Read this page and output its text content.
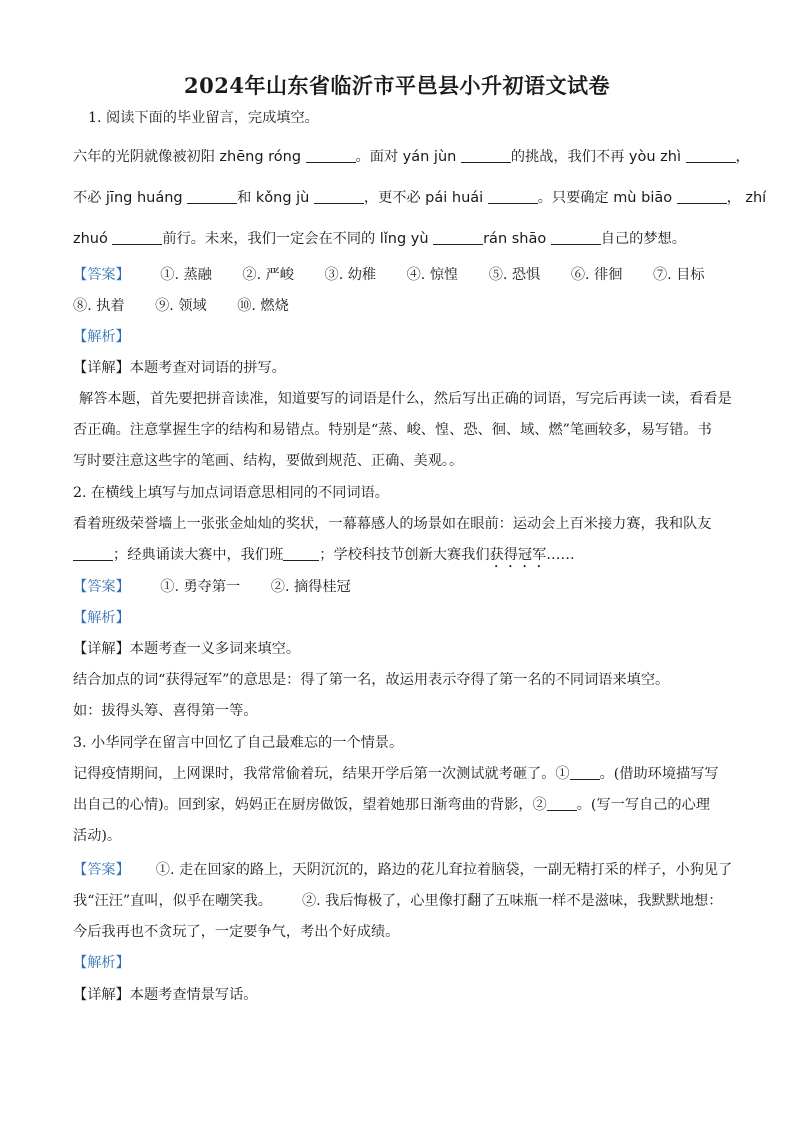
2024年山东省临沂市平邑县小升初语文试卷
1. 阅读下面的毕业留言，完成填空。
六年的光阴就像被初阳 zhēng róng	。面对 yán jùn	的挑战，我们不再 yòu zhì	，
不必 jīng huáng	和 kǒng jù	，更不必 pái huái	。只要确定 mù biāo	， zhí
zhuó	前行。未来，我们一定会在不同的 lǐng yù	rán shāo	自己的梦想。
【答案】 ①. 蒸融 ②. 严峻 ③. 幼稚 ④. 惊惶 ⑤. 恐惧 ⑥. 徘徊 ⑦. 目标
⑧. 执着 ⑨. 领域 ⑩. 燃烧
【解析】
【详解】本题考查对词语的拼写。
解答本题，首先要把拼音读准，知道要写的词语是什么，然后写出正确的词语，写完后再读一读，看看是
否正确。注意掌握生字的结构和易错点。特别是“蒸、峻、惶、恐、徊、域、燃”笔画较多，易写错。书
写时要注意这些字的笔画、结构，要做到规范、正确、美观。。
2. 在横线上填写与加点词语意思相同的不同词语。
看着班级荣誉墙上一张张金灿灿的奖状，一幕幕感人的场景如在眼前：运动会上百米接力赛，我和队友
；经典诵读大赛中，我们班	；学校科技节创新大赛我们获得冠军……
【答案】 ①. 勇夺第一 ②. 摘得桂冠
【解析】
【详解】本题考查一义多词来填空。
结合加点的词“获得冠军”的意思是：得了第一名，故运用表示夺得了第一名的不同词语来填空。
如：拔得头筹、喜得第一等。
3. 小华同学在留言中回忆了自己最难忘的一个情景。
记得疫情期间，上网课时，我常常偷着玩，结果开学后第一次测试就考砸了。① 。(借助环境描写写
出自己的心情)。回到家，妈妈正在厨房做饭，望着她那日渐弯曲的背影，② 。(写一写自己的心理
活动)。
【答案】 ①. 走在回家的路上，天阴沉沉的，路边的花儿耷拉着脑袋，一副无精打采的样子，小狗见了
我“汪汪”直叫，似乎在嘲笑我。 ②. 我后悔极了，心里像打翻了五味瓶一样不是滋味，我默默地想：
今后我再也不贪玩了，一定要争气，考出个好成绩。
【解析】
【详解】本题考查情景写话。
